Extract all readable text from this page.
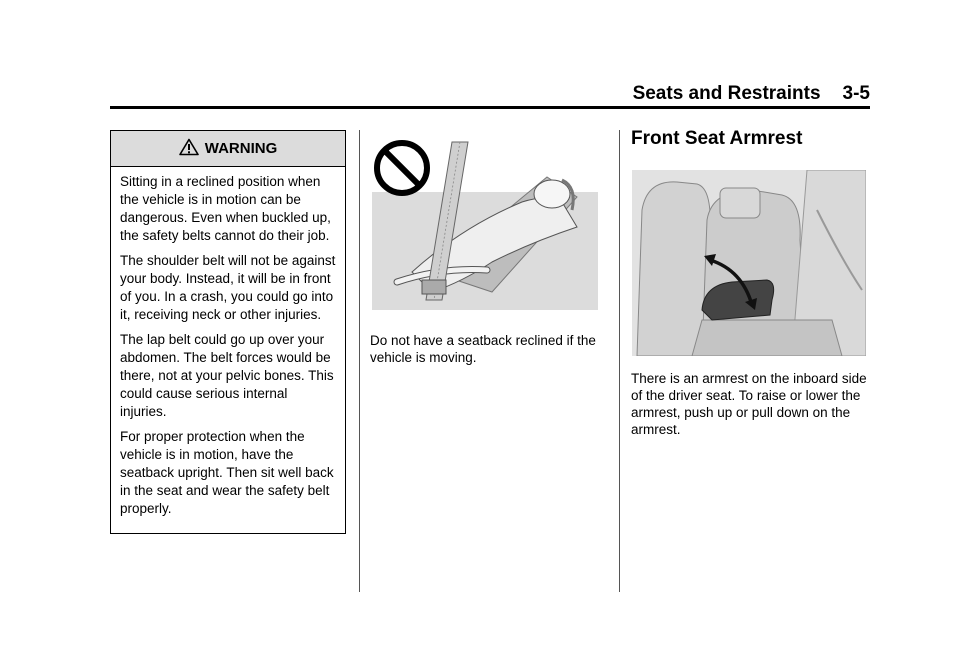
Seats and Restraints 3-5
WARNING

Sitting in a reclined position when the vehicle is in motion can be dangerous. Even when buckled up, the safety belts cannot do their job.

The shoulder belt will not be against your body. Instead, it will be in front of you. In a crash, you could go into it, receiving neck or other injuries.

The lap belt could go up over your abdomen. The belt forces would be there, not at your pelvic bones. This could cause serious internal injuries.

For proper protection when the vehicle is in motion, have the seatback upright. Then sit well back in the seat and wear the safety belt properly.

Do not have a seatback reclined if the vehicle is moving.
Front Seat Armrest
There is an armrest on the inboard side of the driver seat. To raise or lower the armrest, push up or pull down on the armrest.
